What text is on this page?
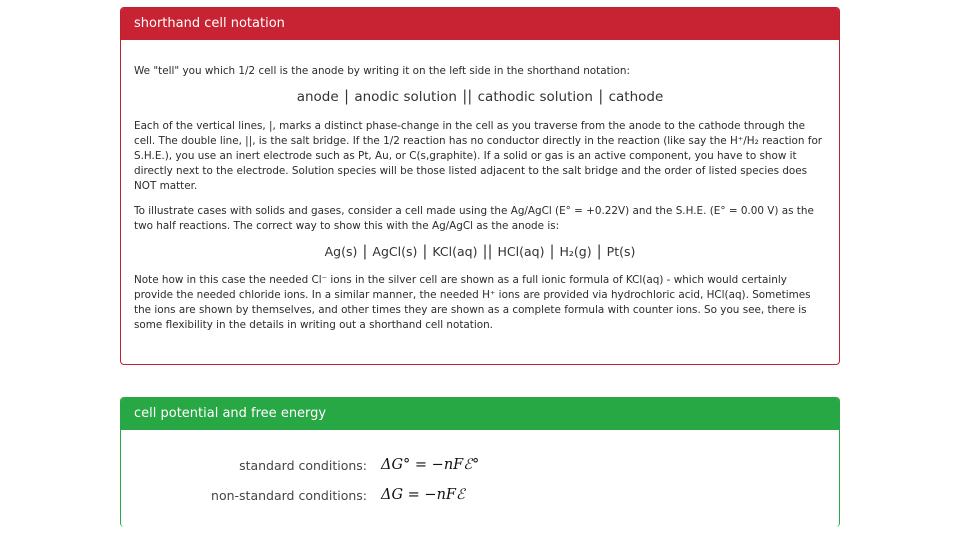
shorthand cell notation

We "tell" you which 1/2 cell is the anode by writing it on the left side in the shorthand notation:

anode | anodic solution || cathodic solution | cathode

Each of the vertical lines, |, marks a distinct phase-change in the cell as you traverse from the anode to the cathode through the cell. The double line, ||, is the salt bridge. If the 1/2 reaction has no conductor directly in the reaction (like say the H⁺/H₂ reaction for S.H.E.), you use an inert electrode such as Pt, Au, or C(s,graphite). If a solid or gas is an active component, you have to show it directly next to the electrode. Solution species will be those listed adjacent to the salt bridge and the order of listed species does NOT matter.

To illustrate cases with solids and gases, consider a cell made using the Ag/AgCl (E° = +0.22V) and the S.H.E. (E° = 0.00 V) as the two half reactions. The correct way to show this with the Ag/AgCl as the anode is:

Ag(s) | AgCl(s) | KCl(aq) || HCl(aq) | H₂(g) | Pt(s)

Note how in this case the needed Cl⁻ ions in the silver cell are shown as a full ionic formula of KCl(aq) - which would certainly provide the needed chloride ions. In a similar manner, the needed H⁺ ions are provided via hydrochloric acid, HCl(aq). Sometimes the ions are shown by themselves, and other times they are shown as a complete formula with counter ions. So you see, there is some flexibility in the details in writing out a shorthand cell notation.

cell potential and free energy
standard conditions: ΔG° = −nFℰ°
non-standard conditions: ΔG = −nFℰ
